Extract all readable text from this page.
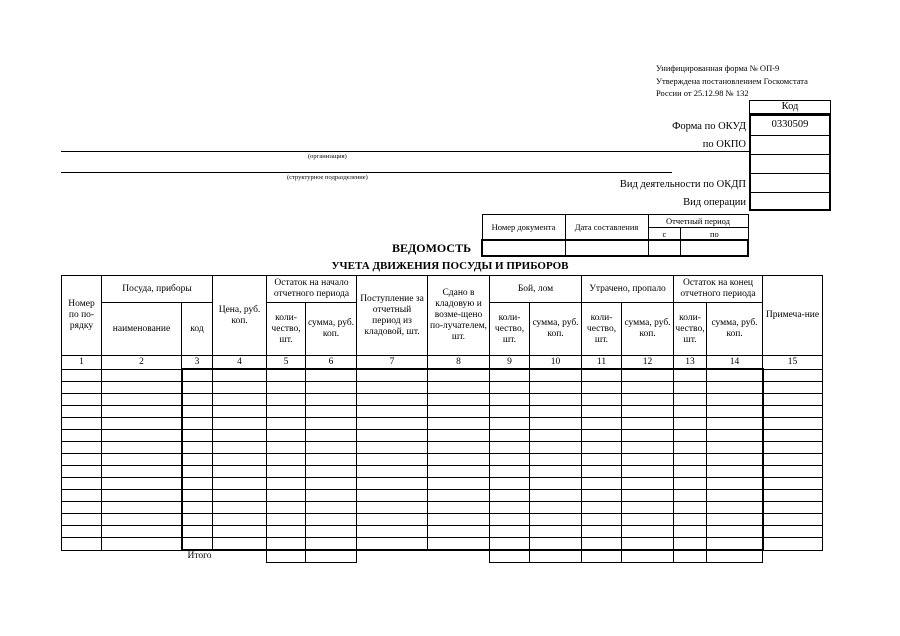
Унифицированная форма № ОП-9
Утверждена постановлением Госкомстата
России от 25.12.98 № 132
Код
0330509
Форма по ОКУД
по ОКПО
Вид деятельности по ОКДП
Вид операции
(организация)
(структурное подразделение)
Номер документа	Дата составления	Отчетный период	
		с	по

ВЕДОМОСТЬ
УЧЕТА ДВИЖЕНИЯ ПОСУДЫ И ПРИБОРОВ
Номер по по-рядку	Посуда, приборы		Цена, руб. коп.	Остаток на начало отчетного периода		Поступление за отчетный период из кладовой, шт.	Сдано в кладовую и возме-щено по-лучателем, шт.	Бой, лом		Утрачено, пропало		Остаток на конец отчетного периода		Примеча-ние
	наименование	код		коли-чество, шт.	сумма, руб. коп.			коли-чество, шт.	сумма, руб. коп.	коли-чество, шт.	сумма, руб. коп.	коли-чество, шт.	сумма, руб. коп.	

1	2	3	4	5	6	7	8	9	10	11	12	13	14	15

		Итого												
